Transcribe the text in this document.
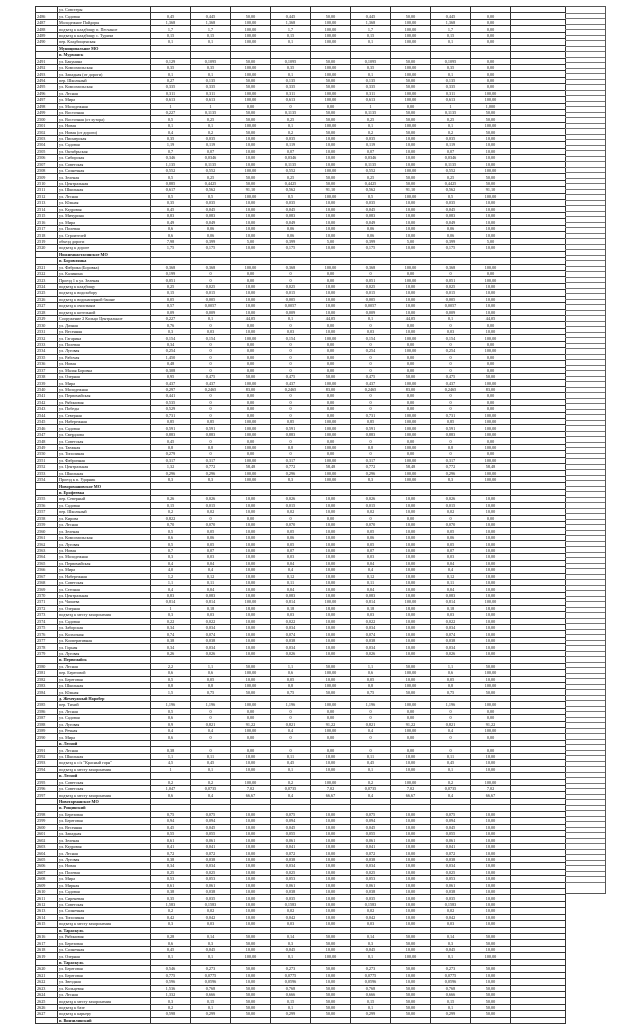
	ул. Совстеры										
2486	ул. Садовая	0,45	0,445	50,00	0,445	50,00	0,445	50,00	0,445	0,00	
2487	Молодежное Пайдоры	1,368	1,368	100,00	1,368	100,00	1,368	100,00	1,368	0,00	
2488	подъезд к кладбищу п. Песчаное	1,7	1,7	100,00	1,7	100,00	1,7	100,00	1,7	0,00	
2489	подъезд к кладбищу с. Туризм	0,15	0,15	100,00	0,15	100,00	0,15	100,00	0,15	0,00	
2490	пер. Кладбищенская	0,1	0,1	100,00	0,1	100,00	0,1	100,00	0,1	0,00	
	Муниципальное МО										
	п. Мурманск										
2491	ул. Бакунина	0,129	0,1095	50,00	0,1095	50,00	0,1095	50,00	0,1095	0,00	
2492	ул. Комсомольская	0,35	0,35	100,00	0,35	100,00	0,35	100,00	0,35	0,00	
2493	ул. Западная (от дороги)	0,1	0,1	100,00	0,1	100,00	0,1	100,00	0,1	0,00	
2494	пер. Школьный	0,27	0,135	50,00	0,135	50,00	0,135	50,00	0,135	0,00	
2495	ул. Комсомольская	0,335	0,335	50,00	0,335	50,00	0,335	50,00	0,335	0,00	
2496	ул. Лесная	0,311	0,311	100,00	0,311	100,00	0,311	100,00	0,311	100,00	
2497	ул. Мира	0,613	0,613	100,00	0,613	100,00	0,613	100,00	0,613	100,00	
2498	ул. Молодежная	1	1	0,00	0	0,00	1	0,00	1	1,000	
2499	ул. Восточная	0,227	0,1135	50,00	0,1135	50,00	0,1135	50,00	0,1135	50,00	
2500	ул. Восточная (от хутора)	0,5	0,25	50,00	0,25	50,00	0,25	50,00	0,25	50,00	
2501	ул. Новая	0,1	0,1	100,00	0,1	100,00	0,1	100,00	0,1	100,00	
2502	ул. Новая (от дороги)	0,4	0,2	50,00	0,2	50,00	0,2	50,00	0,2	50,00	
2503	ул. Пионерская	0,35	0,035	10,00	0,035	10,00	0,035	10,00	0,035	10,00	
2504	ул. Садовая	1,19	0,119	10,00	0,119	10,00	0,119	10,00	0,119	10,00	
2505	ул. Октябрьская	0,7	0,07	10,00	0,07	10,00	0,07	10,00	0,07	10,00	
2506	ул. Сибирская	0,346	0,0346	10,00	0,0346	10,00	0,0346	10,00	0,0346	10,00	
2507	ул. Советская	1,135	0,1135	10,00	0,1135	10,00	0,1135	10,00	0,1135	10,00	
2508	ул. Солнечная	0,552	0,552	100,00	0,552	100,00	0,552	100,00	0,552	100,00	
2509	ул. Зеленая	0,5	0,25	50,00	0,25	50,00	0,25	50,00	0,25	50,00	
2510	ул. Центральная	0,885	0,4425	50,00	0,4425	50,00	0,4425	50,00	0,4425	50,00	
2511	ул. Школьная	0,617	0,562	91,10	0,562	91,10	0,562	91,10	0,562	91,10	
2512	ул. Лесная	0,5	0,5	100,00	0,5	100,00	0,5	100,00	0,5	100,00	
2513	ул. Южная	0,35	0,035	10,00	0,035	10,00	0,035	10,00	0,035	10,00	
2514	ул. Кедровая	0,45	0,045	10,00	0,045	10,00	0,045	10,00	0,045	10,00	
2515	ул. Мичурина	0,83	0,083	10,00	0,083	10,00	0,083	10,00	0,083	10,00	
2516	ул. Мира	0,49	0,049	10,00	0,049	10,00	0,049	10,00	0,049	10,00	
2517	ул. Полевая	0,6	0,06	10,00	0,06	10,00	0,06	10,00	0,06	10,00	
2518	ул. Строителей	0,6	0,06	10,00	0,06	10,00	0,06	10,00	0,06	10,00	
2519	объезд дороги	7,98	0,399	5,00	0,399	5,00	0,399	5,00	0,399	5,00	
2520	подъезд к дороге	1,75	0,175	10,00	0,175	10,00	0,175	10,00	0,175	10,00	
	Нижнеанастасинское МО										
	п. Боровлянка										
2521	ул. Фабрика (Боровка)	0,368	0,368	100,00	0,368	100,00	0,368	100,00	0,368	100,00	
2522	ул. Калинина	0,199	0	0,00	0	0,00	0	0,00	0	0,00	
2523	Проезд 1 к ул. Зеленая	0,051	0	0,00	0	0,00	0,051	100,00	0,051	100,00	
2524	подъезд к кладбищу	0,25	0,025	10,00	0,025	10,00	0,025	10,00	0,025	10,00	
2525	подъезд к водозабору	0,15	0,015	10,00	0,015	10,00	0,015	10,00	0,015	10,00	
2526	подъезд к водонапорной башне	0,05	0,005	10,00	0,005	10,00	0,005	10,00	0,005	10,00	
2527	подъезд к очистным	0,57	0,0057	10,00	0,0057	10,00	0,0057	10,00	0,0057	10,00	
2528	подъезд к котельной	0,09	0,009	10,00	0,009	10,00	0,009	10,00	0,009	10,00	
2529	Сооружение 2 Кольцо Центральное	0,227	0,1	44,05	0,1	44,05	0,1	44,05	0,1	44,05	
2530	ул. Дачная	0,76	0	0,00	0	0,00	0	0,00	0	0,00	
2531	ул. Весенняя	0,3	0,03	10,00	0,03	10,00	0,03	10,00	0,03	10,00	
2532	ул. Гагарина	0,154	0,154	100,00	0,154	100,00	0,154	100,00	0,154	100,00	
2533	ул. Полевая	0,34	0	0,00	0	0,00	0	0,00	0	0,00	
2534	ул. Луговая	0,254	0	0,00	0	0,00	0,254	100,00	0,254	100,00	
2535	ул. Рабочая	1,450	0	0,00	0	0,00	0	0,00	0	0,00	
2536	ул. Новая	0,48	0	0,00	0	0,00	0	0,00	0	0,00	
2537	ул. Малая Боровка	0,308	0	0,00	0	0,00	0	0,00	0	0,00	
2538	ул. Озерная	0,95	0,475	50,00	0,475	50,00	0,475	50,00	0,475	50,00	
2539	ул. Мира	0,437	0,437	100,00	0,437	100,00	0,437	100,00	0,437	100,00	
2540	ул. Молодежная	0,297	0,2465	83,00	0,2465	83,00	0,2465	83,00	0,2465	83,00	
2541	ул. Первомайская	0,441	0	0,00	0	0,00	0	0,00	0	0,00	
2542	ул. Рябиновая	0,535	0	0,00	0	0,00	0	0,00	0	0,00	
2543	ул. Победы	0,529	0	0,00	0	0,00	0	0,00	0	0,00	
2544	ул. Северная	0,731	0	0,00	0	0,00	0,731	100,00	0,731	100,00	
2545	ул. Набережная	0,85	0,85	100,00	0,85	100,00	0,85	100,00	0,85	100,00	
2546	ул. Садовая	0,591	0,591	100,00	0,591	100,00	0,591	100,00	0,591	100,00	
2547	ул. Свердлова	0,883	0,883	100,00	0,883	100,00	0,883	100,00	0,883	100,00	
2548	ул. Советская	0,45	0	0,00	0	0,00	0	0,00	0	0,00	
2549	ул. Таежная	0,8	0,8	100,00	0,8	100,00	0,8	100,00	0,8	100,00	
2550	ул. Тополиная	0,279	0	0,00	0	0,00	0	0,00	0	0,00	
2551	ул. Фабричная	0,317	0,317	100,00	0,317	100,00	0,317	100,00	0,317	100,00	
2552	ул. Центральная	1,32	0,772	58,48	0,772	58,48	0,772	58,48	0,772	58,48	
2553	ул. Школьная	0,296	0,296	100,00	0,296	100,00	0,296	100,00	0,296	100,00	
2554	Проезд к п. Ударник	8,3	8,3	100,00	8,3	100,00	8,3	100,00	8,3	100,00	
	Новоромановское МО										
	п. Ерофеевка										
2555	пер. Северный	0,26	0,026	10,00	0,026	10,00	0,026	10,00	0,026	10,00	
2556	ул. Садовая	0,15	0,015	10,00	0,015	10,00	0,015	10,00	0,015	10,00	
2557	пер. Школьный	0,2	0,02	10,00	0,02	10,00	0,02	10,00	0,02	10,00	
2558	ул. Кирова	0,822	0	0,00	0	0,00	0	0,00	0	0,00	
2559	ул. Лесная	0,70	0,070	10,00	0,070	10,00	0,070	10,00	0,070	10,00	
2560	ул. Зеленая	0,5	0,05	10,00	0,05	10,00	0,05	10,00	0,05	10,00	
2561	ул. Комсомольская	0,6	0,06	10,00	0,06	10,00	0,06	10,00	0,06	10,00	
2562	ул. Луговая	0,5	0,05	10,00	0,05	10,00	0,05	10,00	0,05	10,00	
2563	ул. Новая	0,7	0,07	10,00	0,07	10,00	0,07	10,00	0,07	10,00	
2564	ул. Молодежная	0,3	0,03	10,00	0,03	10,00	0,03	10,00	0,03	10,00	
2565	ул. Первомайская	0,4	0,04	10,00	0,04	10,00	0,04	10,00	0,04	10,00	
2566	ул. Мира	4,0	0,4	10,00	0,4	10,00	0,4	10,00	0,4	10,00	
2567	ул. Набережная	1,2	0,12	10,00	0,12	10,00	0,12	10,00	0,12	10,00	
2568	ул. Советская	1,1	0,11	10,00	0,11	10,00	0,11	10,00	0,11	10,00	
2569	ул. Степная	0,4	0,04	10,00	0,04	10,00	0,04	10,00	0,04	10,00	
2570	ул. Центральная	0,83	0,083	10,00	0,083	10,00	0,083	10,00	0,083	10,00	
2571	ул. Чапаева	0,814	0,814	100,00	0,814	100,00	0,814	100,00	0,814	100,00	
2572	ул. Озерная	1	0,18	18,00	0,18	18,00	0,18	18,00	0,18	18,00	
2573	подъезд к месту захоронения	0,3	0,03	10,00	0,03	10,00	0,03	10,00	0,03	10,00	
2574	ул. Садовая	0,22	0,022	10,00	0,022	10,00	0,022	10,00	0,022	10,00	
2575	ул. Заборская	0,34	0,034	10,00	0,034	10,00	0,034	10,00	0,034	10,00	
2576	ул. Колхозная	0,74	0,074	10,00	0,074	10,00	0,074	10,00	0,074	10,00	
2577	ул. Кооперативная	0,38	0,038	10,00	0,038	10,00	0,038	10,00	0,038	10,00	
2578	ул. Горная	0,34	0,034	10,00	0,034	10,00	0,034	10,00	0,034	10,00	
2579	ул. Луговая	0,26	0,026	10,00	0,026	10,00	0,026	10,00	0,026	10,00	
	п. Первомайск										
2580	ул. Лесная	2,2	1,1	50,00	1,1	50,00	1,1	50,00	1,1	50,00	
2581	пер. Береговой	0,6	0,6	100,00	0,6	100,00	0,6	100,00	0,6	100,00	
2582	ул. Береговая	0,5	0,05	10,00	0,05	10,00	0,05	10,00	0,05	10,00	
2583	ул. Школьная	0,8	0,8	100,00	0,8	100,00	0,8	100,00	0,8	100,00	
2584	ул. Южная	1,5	0,75	50,00	0,75	50,00	0,75	50,00	0,75	50,00	
	д. Жемчужный Наробер										
2585	пер. Тихий	1,196	1,196	100,00	1,196	100,00	1,196	100,00	1,196	100,00	
2586	ул. Лесная	0,5	0	0,00	0	0,00	0	0,00	0	0,00	
2587	ул. Садовая	0,6	0	0,00	0	0,00	0	0,00	0	0,00	
2588	ул. Луговая	0,9	0,821	91,22	0,821	91,22	0,821	91,22	0,821	91,22	
2589	ул. Речная	0,4	0,4	100,00	0,4	100,00	0,4	100,00	0,4	100,00	
2590	ул. Мира	0,6	0	0,00	0	0,00	0	0,00	0	0,00	
	п. Лесной										
2591	ул. Лесная	0,38	0	0,00	0	0,00	0	0,00	0	0,00	
2592	ул. Школьная	1,1	0,11	10,00	0,11	10,00	0,11	10,00	0,11	10,00	
2593	подъезд к с/х "Красный горн"	4,5	0,45	10,00	0,45	10,00	0,45	10,00	0,45	10,00	
2594	подъезд к месту захоронения	1	0,1	10,00	0,1	10,00	0,1	10,00	0,1	10,00	
	п. Лесной										
2595	ул. Советская	0,2	0,2	100,00	0,2	100,00	0,2	100,00	0,2	100,00	
2596	ул. Советская	1,047	0,0735	7,02	0,0735	7,02	0,0735	7,02	0,0735	7,02	
2597	подъезд к месту захоронения	0,6	0,4	66,67	0,4	66,67	0,4	66,67	0,4	66,67	
	Новотарманское МО										
	п. Рощинский										
2598	ул. Березовая	0,75	0,075	10,00	0,075	10,00	0,075	10,00	0,075	10,00	
2599	ул. Береговая	0,94	0,094	10,00	0,094	10,00	0,094	10,00	0,094	10,00	
2600	ул. Весенняя	0,45	0,045	10,00	0,045	10,00	0,045	10,00	0,045	10,00	
2601	ул. Западная	0,55	0,055	10,00	0,055	10,00	0,055	10,00	0,055	10,00	
2602	ул. Зеленая	0,61	0,061	10,00	0,061	10,00	0,061	10,00	0,061	10,00	
2603	ул. Кедровая	0,41	0,041	10,00	0,041	10,00	0,041	10,00	0,041	10,00	
2604	ул. Лесная	0,72	0,072	10,00	0,072	10,00	0,072	10,00	0,072	10,00	
2605	ул. Луговая	0,38	0,038	10,00	0,038	10,00	0,038	10,00	0,038	10,00	
2606	ул. Новая	0,34	0,034	10,00	0,034	10,00	0,034	10,00	0,034	10,00	
2607	ул. Полевая	0,25	0,025	10,00	0,025	10,00	0,025	10,00	0,025	10,00	
2608	ул. Мира	0,53	0,053	10,00	0,053	10,00	0,053	10,00	0,053	10,00	
2609	ул. Мирная	0,61	0,061	10,00	0,061	10,00	0,061	10,00	0,061	10,00	
2610	ул. Садовая	0,38	0,038	10,00	0,038	10,00	0,038	10,00	0,038	10,00	
2611	ул. Сиреневая	0,35	0,035	10,00	0,035	10,00	0,035	10,00	0,035	10,00	
2612	ул. Советская	1,583	0,1583	10,00	0,1583	10,00	0,1583	10,00	0,1583	10,00	
2613	ул. Солнечная	0,2	0,02	10,00	0,02	10,00	0,02	10,00	0,02	10,00	
2614	ул. Тополиная	0,42	0,042	10,00	0,042	10,00	0,042	10,00	0,042	10,00	
2615	подъезд к месту захоронения	0,3	0,03	10,00	0,03	10,00	0,03	10,00	0,03	10,00	
	п. Тараскуль										
2616	ул. Рябиновая	0,28	0,14	50,00	0,14	50,00	0,14	50,00	0,14	50,00	
2617	ул. Березовая	0,6	0,3	50,00	0,3	50,00	0,3	50,00	0,3	50,00	
2618	ул. Солнечная	0,45	0,045	10,00	0,045	10,00	0,045	10,00	0,045	10,00	
2619	ул. Озерная	0,1	0,1	100,00	0,1	100,00	0,1	100,00	0,1	100,00	
	п. Тараскуль										
2620	ул. Береговая	0,546	0,273	50,00	0,273	50,00	0,273	50,00	0,273	50,00	
2621	ул. Береговая	0,775	0,0775	10,00	0,0775	10,00	0,0775	10,00	0,0775	10,00	
2622	ул. Звездная	0,596	0,0596	10,00	0,0596	10,00	0,0596	10,00	0,0596	10,00	
2623	ул. Кольцевая	1,536	0,768	50,00	0,768	50,00	0,768	50,00	0,768	50,00	
2624	ул. Лесная	1,332	0,666	50,00	0,666	50,00	0,666	50,00	0,666	50,00	
2625	подъезд к месту захоронения	0,3	0,15	50,00	0,15	50,00	0,15	50,00	0,15	50,00	
2626	подъезд к базе	0,2	0,1	50,00	0,1	50,00	0,1	50,00	0,1	50,00	
2627	подъезд к карьеру	0,598	0,299	50,00	0,299	50,00	0,299	50,00	0,299	50,00	
	п. Винзилинский										
